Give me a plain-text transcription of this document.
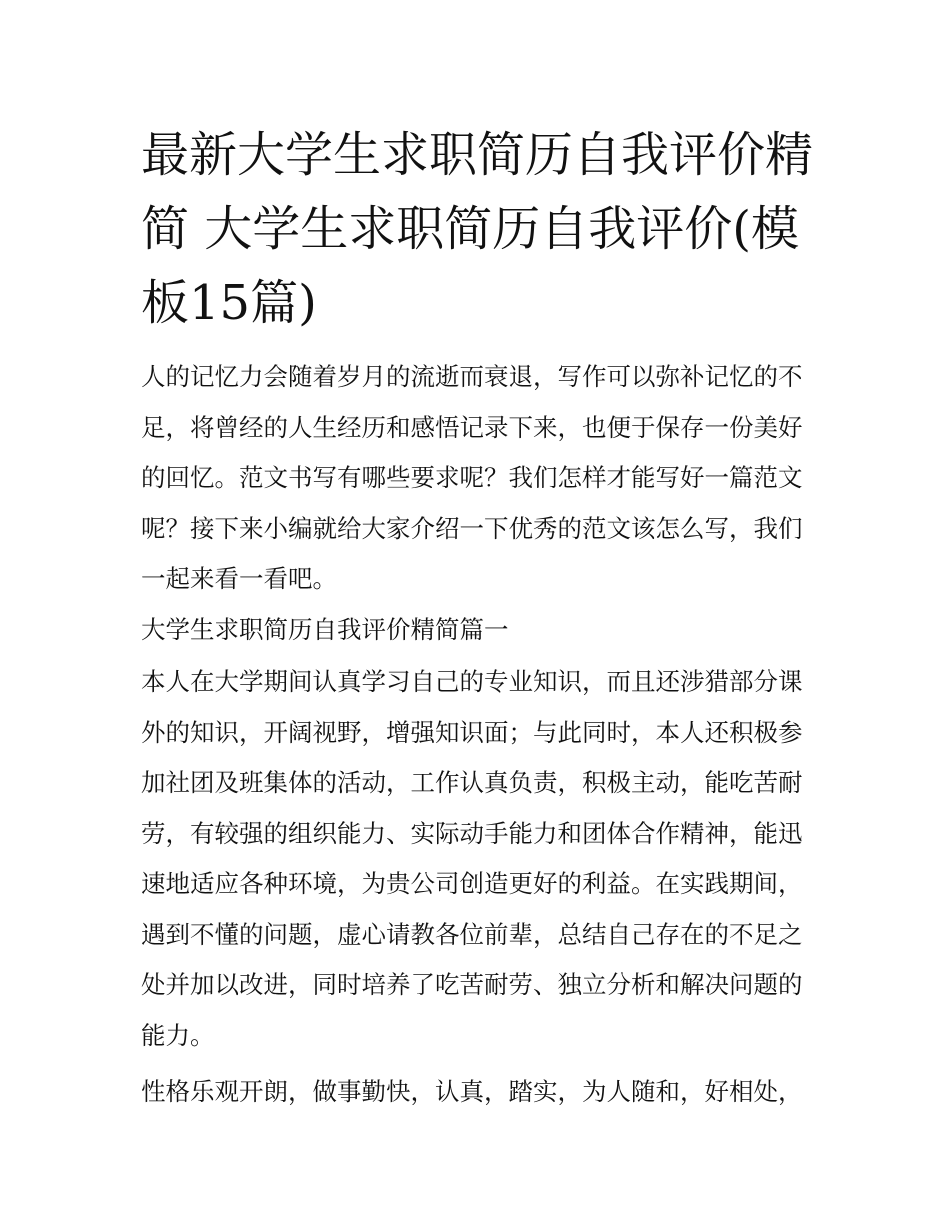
最新大学生求职简历自我评价精简 大学生求职简历自我评价(模板15篇)

人的记忆力会随着岁月的流逝而衰退，写作可以弥补记忆的不足，将曾经的人生经历和感悟记录下来，也便于保存一份美好的回忆。范文书写有哪些要求呢？我们怎样才能写好一篇范文呢？接下来小编就给大家介绍一下优秀的范文该怎么写，我们一起来看一看吧。

大学生求职简历自我评价精简篇一

本人在大学期间认真学习自己的专业知识，而且还涉猎部分课外的知识，开阔视野，增强知识面；与此同时，本人还积极参加社团及班集体的活动，工作认真负责，积极主动，能吃苦耐劳，有较强的组织能力、实际动手能力和团体合作精神，能迅速地适应各种环境，为贵公司创造更好的利益。在实践期间，遇到不懂的问题，虚心请教各位前辈，总结自己存在的不足之处并加以改进，同时培养了吃苦耐劳、独立分析和解决问题的能力。

性格乐观开朗，做事勤快，认真，踏实，为人随和，好相处，
